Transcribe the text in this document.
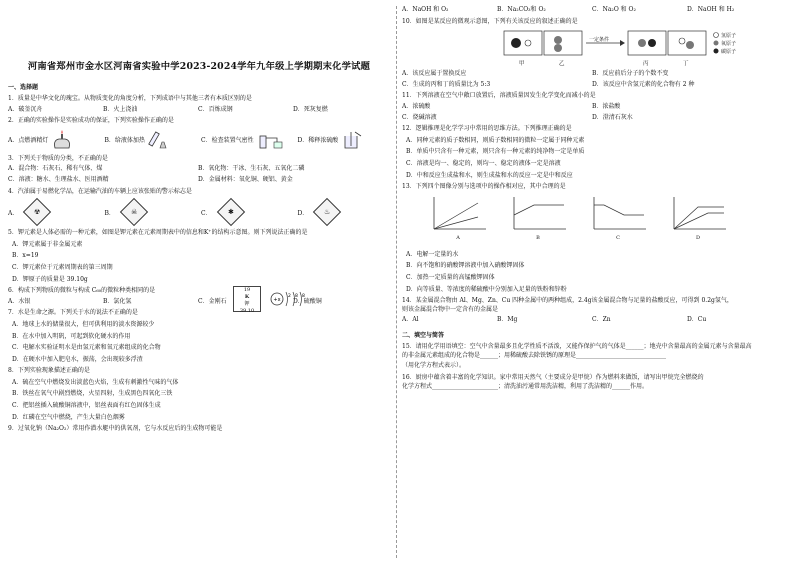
河南省郑州市金水区河南省实验中学2023-2024学年九年级上学期期末化学试题
一、选择题
1．质量是中华文化的瑰宝。从物质变化的角度分析，下列成语中与其他三者有本质区别的是
A．破釜沉舟	B．火上浇油	C．百炼成钢	D．死灰复燃
2．正确的实验操作是实验成功的保证，下列实验操作正确的是
A．点燃酒精灯	B．给液体加热	C．检查装置气密性	D．稀释浓硫酸
3．下列关于物质的分类，不正确的是
A．混合物：石灰石、稀有气体、煤	B．氧化物：干冰、生石灰、五氧化二磷
C．溶液：糖水、生理盐水、医用酒精	D．金属材料：氧化铜、硬铝、黄金
4．汽油属于易燃化学品，在运输汽油的车辆上应该张贴的警示标志是
A． ☢	B． ☠	C． ✱	D． ♨
5．钾元素是人体必需的一种元素，如图是钾元素在元素周期表中的信息和K⁺的结构示意图。则下列说法正确的是
A．钾元素属于非金属元素
B．x=19
C．钾元素位于元素周期表的第三周期
D．钾原子的质量是 39.10g
6．构成下列物质的微粒与构成 C₆₀的微粒种类相同的是
A．水银	B．氯化氢	C．金刚石	D．硫酸铜
7．水是生命之源。下列关于水的说法不正确的是
A．地球上水的储量很大，但可供利用的淡水资源较少
B．在水中加入明矾，可起到软化硬水的作用
C．电解水实验证明水是由氢元素和氧元素组成的化合物
D．在硬水中加入肥皂水，振荡，会出现较多浮渣
8．下列实验现象描述正确的是
A．硫在空气中燃烧发出淡蓝色火焰，生成有刺激性气味的气体
B．铁丝在氧气中剧烈燃烧，火星四射，生成黑色四氧化三铁
C．把铝丝插入硫酸铜溶液中，铝丝表面有红色固体生成
D．红磷在空气中燃烧，产生大量白色烟雾
9．过氧化钠（Na₂O₂）常用作潜水艇中的供氧剂，它与水反应后的生成物可能是
19
K
钾
39.10
+x
2 8 8
A．NaOH 和 O₂	B．Na₂CO₃和 O₂	C．Na₂O 和 O₂	D．NaOH 和 H₂
10．如图是某反应的微观示意图，下列有关该反应的叙述正确的是
一定条件
甲	乙	丙	丁
氢原子
氧原子
碳原子
A．该反应属于置换反应	B．反应前后分子的个数不变
C．生成的丙和丁的质量比为 5:3	D．该反应中含氢元素的化合物有 2 种
11．下列溶液在空气中敞口放置后，溶液质量因发生化学变化而减小的是
A．浓硫酸	B．浓盐酸
C．烧碱溶液	D．澄清石灰水
12．逻辑推理是化学学习中常用的思维方法。下列推理正确的是
A．同种元素的质子数相同，则质子数相同的微粒一定属于同种元素
B．单质中只含有一种元素，则只含有一种元素的纯净物一定是单质
C．溶液是均一、稳定的，则均一、稳定的液体一定是溶液
D．中和反应生成盐和水，则生成盐和水的反应一定是中和反应
13．下列四个图像分别与选项中的操作相对应，其中合理的是
A	B	C	D
A．电解一定量的水
B．向不饱和的硝酸钾溶液中加入硝酸钾固体
C．加热一定质量的高锰酸钾固体
D．向等质量、等浓度的稀硫酸中分别加入足量的铁粉和锌粉
14．某金属混合物由 Al、Mg、Zn、Cu 四种金属中的两种组成，2.4g该金属混合物与足量的盐酸反应，可得到 0.2g氢气，
则该金属混合物中一定含有的金属是
A．Al	B．Mg	C．Zn	D．Cu
二、填空与简答
15．请用化学用语填空：空气中含量最多且化学性质不活泼，又能作保护气的气体是______；地壳中含量最高的金属元素与含量最高
的非金属元素组成的化合物是______；用稀硫酸去除铁锈的原理是______________________________
（用化学方程式表示）。
16．厨房中蕴含着丰富的化学知识。家中常用天然气（主要成分是甲烷）作为燃料来做饭，请写出甲烷完全燃烧的
化学方程式______________________；清洗油污通常用洗洁精，利用了洗洁精的______作用。
